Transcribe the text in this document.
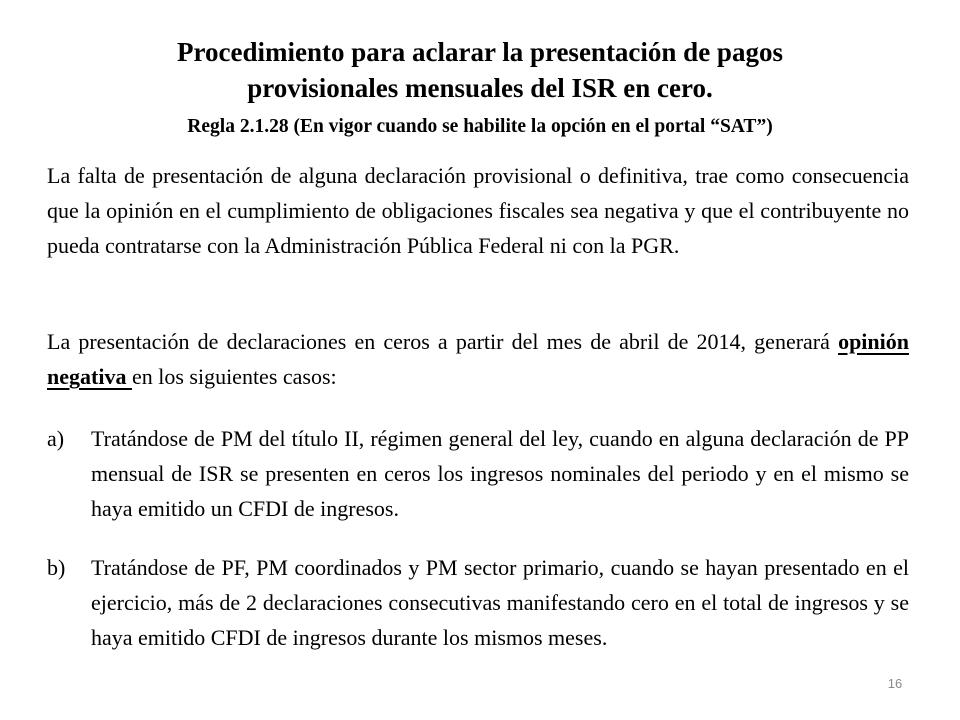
Procedimiento para aclarar la presentación de pagos
provisionales mensuales del ISR en cero.
Regla 2.1.28 (En vigor cuando se habilite la opción en el portal “SAT”)

La falta de presentación de alguna declaración provisional o definitiva, trae como consecuencia que la opinión en el cumplimiento de obligaciones fiscales sea negativa y que el contribuyente no pueda contratarse con la Administración Pública Federal ni con la PGR.

La presentación de declaraciones en ceros a partir del mes de abril de 2014, generará opinión negativa en los siguientes casos:

a) Tratándose de PM del título II, régimen general del ley, cuando en alguna declaración de PP mensual de ISR se presenten en ceros los ingresos nominales del periodo y en el mismo se haya emitido un CFDI de ingresos.
b) Tratándose de PF, PM coordinados y PM sector primario, cuando se hayan presentado en el ejercicio, más de 2 declaraciones consecutivas manifestando cero en el total de ingresos y se haya emitido CFDI de ingresos durante los mismos meses.
16
